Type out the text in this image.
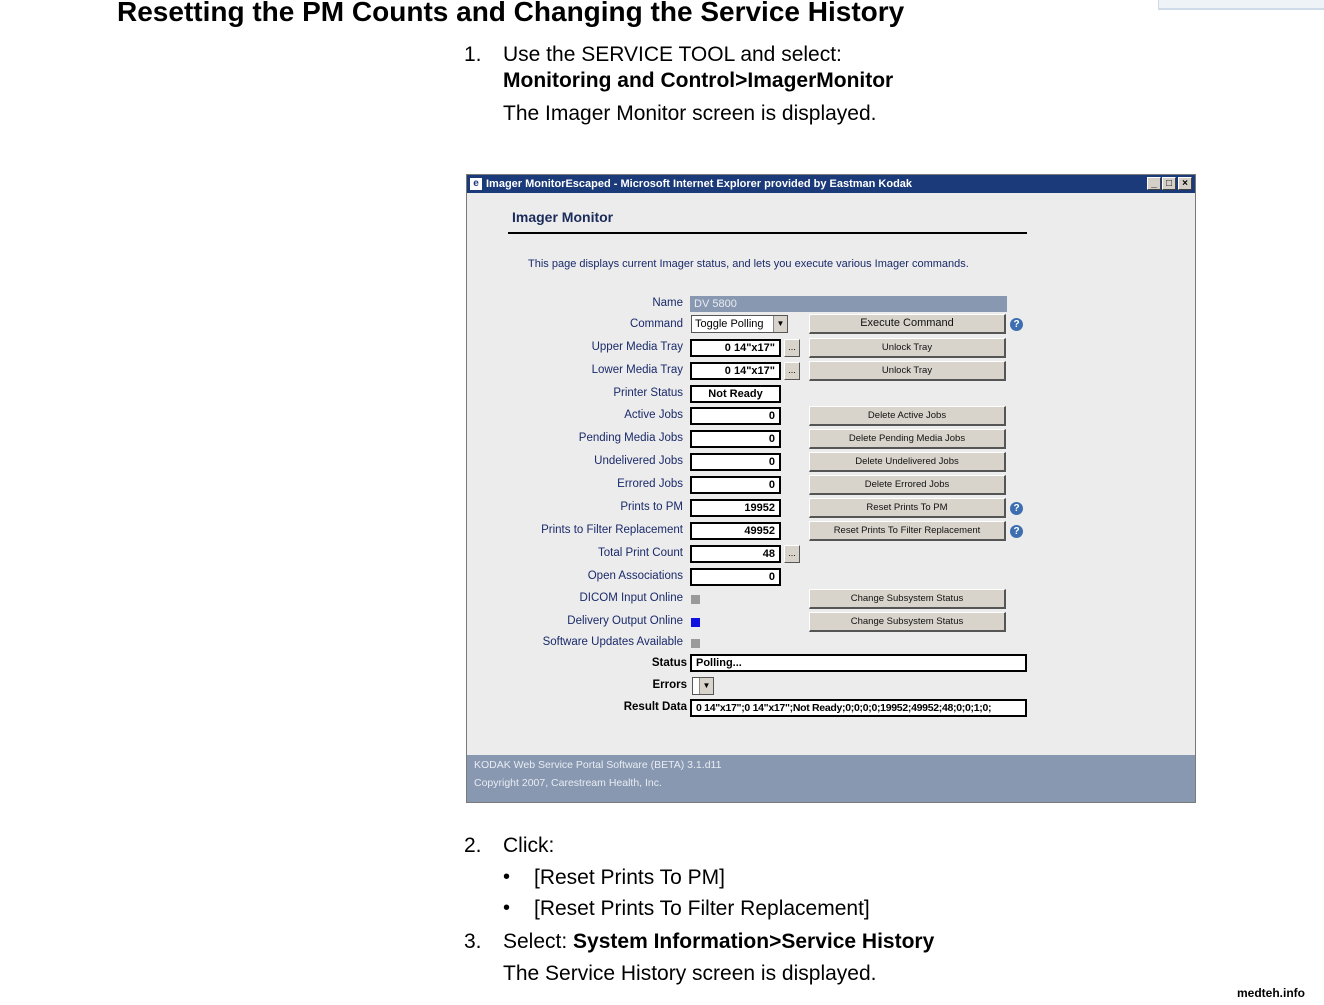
Resetting the PM Counts and Changing the Service History
1. Use the SERVICE TOOL and select:
Monitoring and Control>ImagerMonitor
The Imager Monitor screen is displayed.
e Imager MonitorEscaped - Microsoft Internet Explorer provided by Eastman Kodak	_ □	×
Imager Monitor
This page displays current Imager status, and lets you execute various Imager commands.
Name	DV 5800
Command	Toggle Polling	▼	Execute Command	?
Upper Media Tray	0 14"x17"	...	Unlock Tray
Lower Media Tray	0 14"x17"	...	Unlock Tray
Printer Status	Not Ready
Active Jobs	0	Delete Active Jobs
Pending Media Jobs	0	Delete Pending Media Jobs
Undelivered Jobs	0	Delete Undelivered Jobs
Errored Jobs	0	Delete Errored Jobs
Prints to PM	19952	Reset Prints To PM	?
Prints to Filter Replacement	49952	Reset Prints To Filter Replacement	?
Total Print Count	48	...
Open Associations	0
DICOM Input Online	Change Subsystem Status
Delivery Output Online	Change Subsystem Status
Software Updates Available
Status Polling...
Errors	▼
Result Data 0 14"x17";0 14"x17";Not Ready;0;0;0;0;19952;49952;48;0;0;1;0;
KODAK Web Service Portal Software (BETA) 3.1.d11
Copyright 2007, Carestream Health, Inc.
2. Click:
• [Reset Prints To PM]
• [Reset Prints To Filter Replacement]
3. Select: System Information>Service History
The Service History screen is displayed.
medteh.info
